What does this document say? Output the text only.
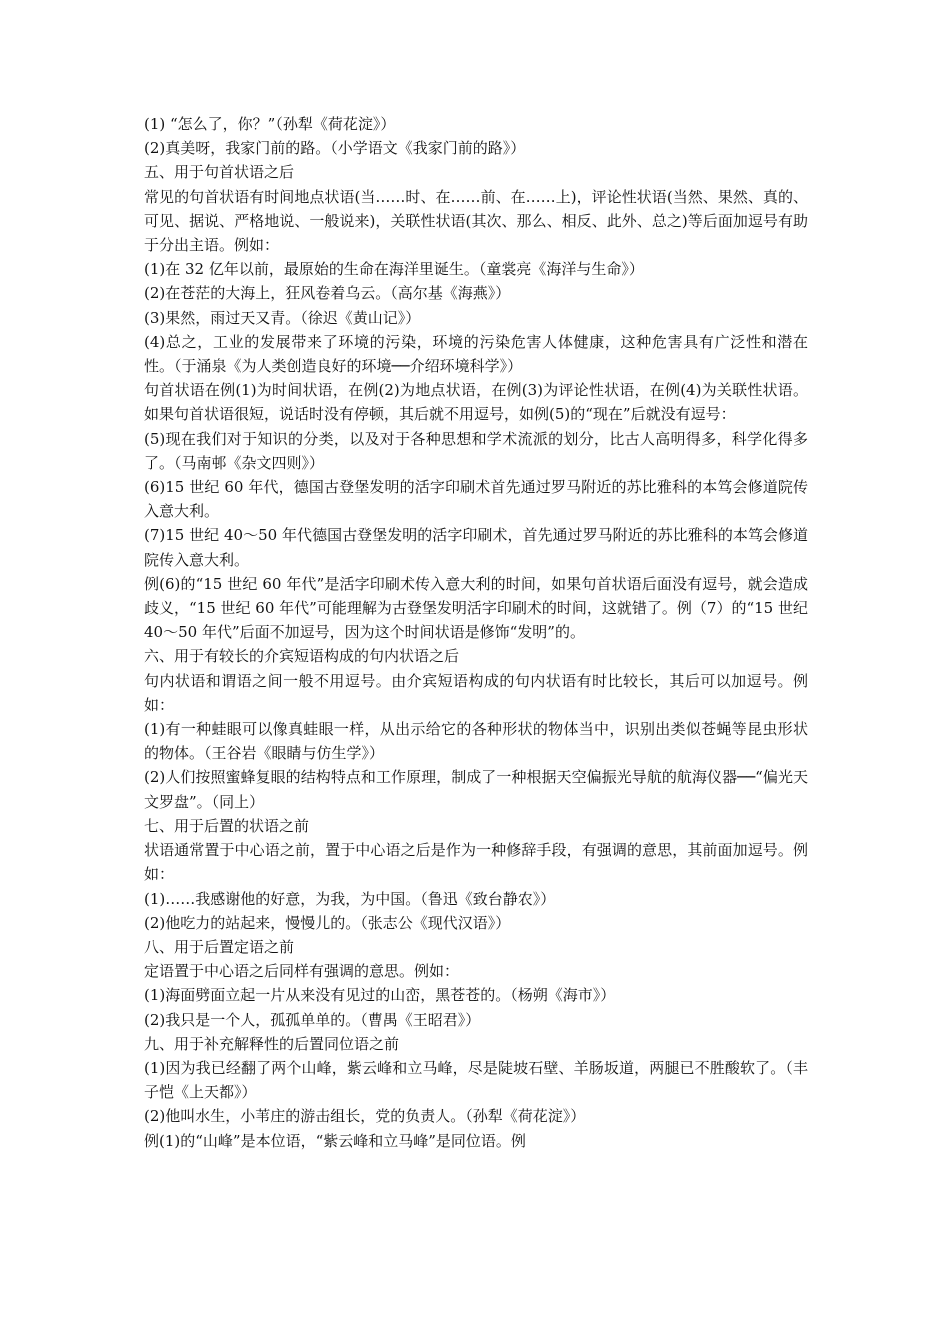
(1) “怎么了，你？”（孙犁《荷花淀》）

(2)真美呀，我家门前的路。（小学语文《我家门前的路》）

五、用于句首状语之后

常见的句首状语有时间地点状语(当……时、在……前、在……上)，评论性状语(当然、果然、真的、可见、据说、严格地说、一般说来)，关联性状语(其次、那么、相反、此外、总之)等后面加逗号有助于分出主语。例如：

(1)在 32 亿年以前，最原始的生命在海洋里诞生。（童裳亮《海洋与生命》）

(2)在苍茫的大海上，狂风卷着乌云。（高尔基《海燕》）

(3)果然，雨过天又青。（徐迟《黄山记》）

(4)总之，工业的发展带来了环境的污染，环境的污染危害人体健康，这种危害具有广泛性和潜在性。（于涌泉《为人类创造良好的环境──介绍环境科学》）

句首状语在例(1)为时间状语，在例(2)为地点状语，在例(3)为评论性状语，在例(4)为关联性状语。如果句首状语很短，说话时没有停顿，其后就不用逗号，如例(5)的“现在”后就没有逗号：

(5)现在我们对于知识的分类，以及对于各种思想和学术流派的划分，比古人高明得多，科学化得多了。（马南邨《杂文四则》）

(6)15 世纪 60 年代，德国古登堡发明的活字印刷术首先通过罗马附近的苏比雅科的本笃会修道院传入意大利。

(7)15 世纪 40～50 年代德国古登堡发明的活字印刷术，首先通过罗马附近的苏比雅科的本笃会修道院传入意大利。

例(6)的“15 世纪 60 年代”是活字印刷术传入意大利的时间，如果句首状语后面没有逗号，就会造成歧义，“15 世纪 60 年代”可能理解为古登堡发明活字印刷术的时间，这就错了。例（7）的“15 世纪 40～50 年代”后面不加逗号，因为这个时间状语是修饰“发明”的。

六、用于有较长的介宾短语构成的句内状语之后

句内状语和谓语之间一般不用逗号。由介宾短语构成的句内状语有时比较长，其后可以加逗号。例如：

(1)有一种蛙眼可以像真蛙眼一样，从出示给它的各种形状的物体当中，识别出类似苍蝇等昆虫形状的物体。（王谷岩《眼睛与仿生学》）

(2)人们按照蜜蜂复眼的结构特点和工作原理，制成了一种根据天空偏振光导航的航海仪器──“偏光天文罗盘”。（同上）

七、用于后置的状语之前

状语通常置于中心语之前，置于中心语之后是作为一种修辞手段，有强调的意思，其前面加逗号。例如：

(1)……我感谢他的好意，为我，为中国。（鲁迅《致台静农》）

(2)他吃力的站起来，慢慢儿的。（张志公《现代汉语》）

八、用于后置定语之前

定语置于中心语之后同样有强调的意思。例如：

(1)海面劈面立起一片从来没有见过的山峦，黑苍苍的。（杨朔《海市》）

(2)我只是一个人，孤孤单单的。（曹禺《王昭君》）

九、用于补充解释性的后置同位语之前

(1)因为我已经翻了两个山峰，紫云峰和立马峰，尽是陡坡石壁、羊肠坂道，两腿已不胜酸软了。（丰子恺《上天都》）

(2)他叫水生，小苇庄的游击组长，党的负责人。（孙犁《荷花淀》）

例(1)的“山峰”是本位语，“紫云峰和立马峰”是同位语。例
